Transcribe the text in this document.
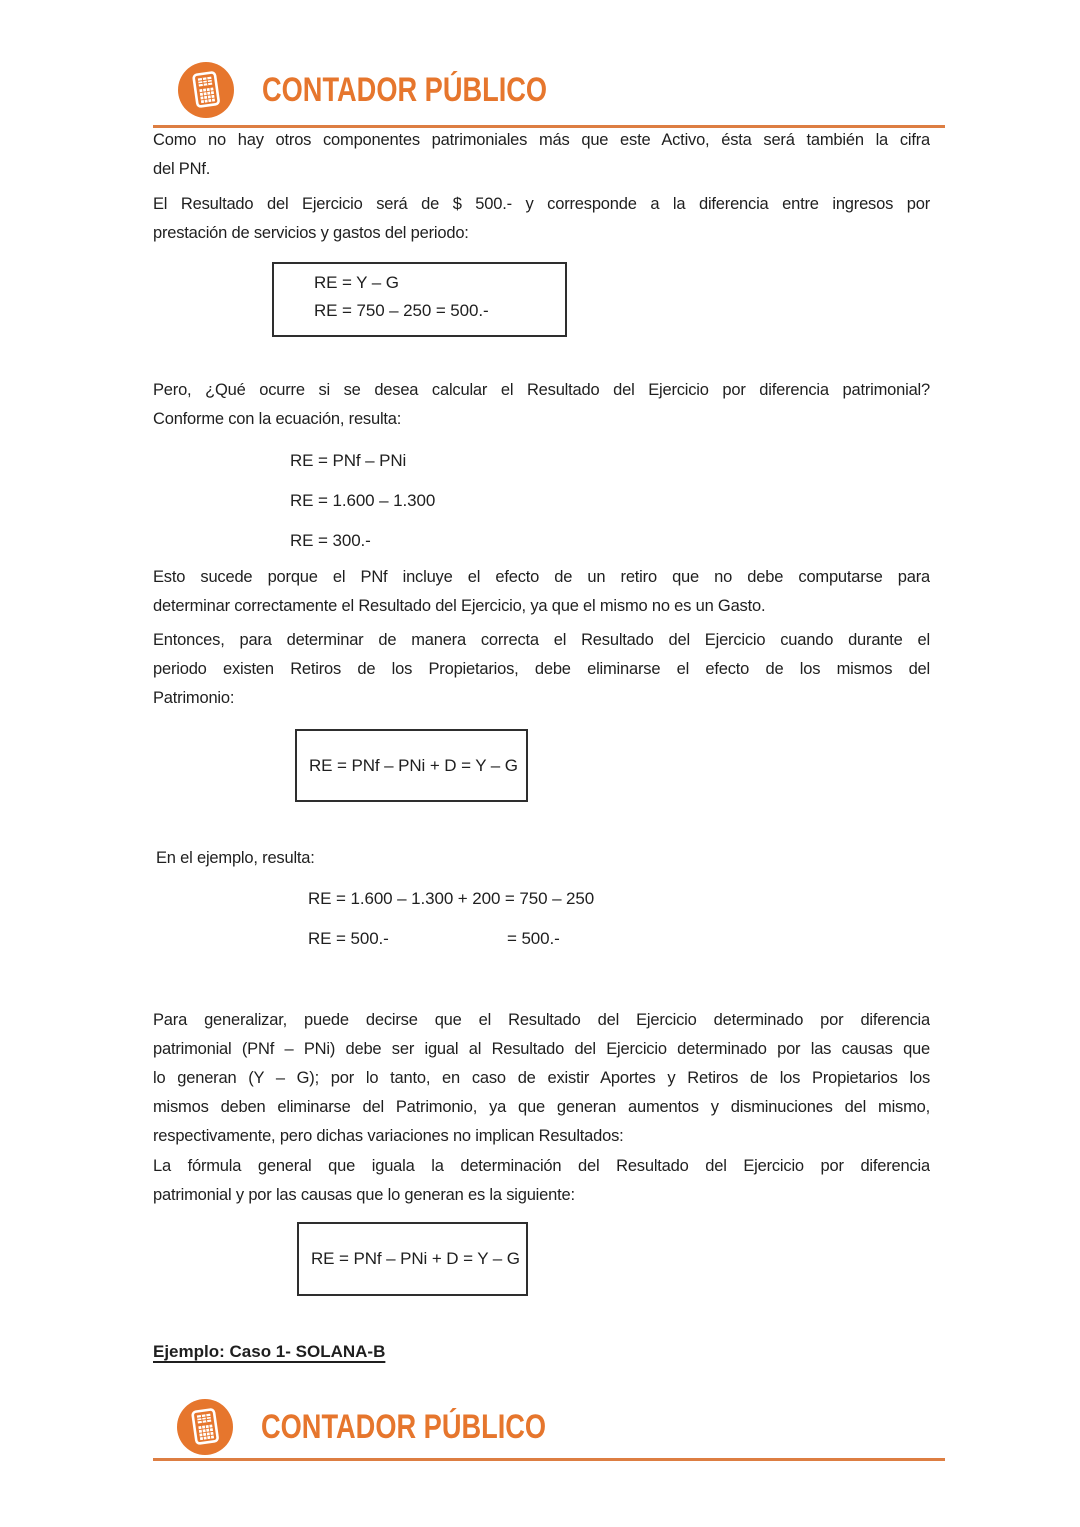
CONTADOR PÚBLICO
Como no hay otros componentes patrimoniales más que este Activo, ésta será también la cifra
del PNf.
El Resultado del Ejercicio será de $ 500.- y corresponde a la diferencia entre ingresos por
prestación de servicios y gastos del periodo:
RE = Y – G
RE = 750 – 250 = 500.-
Pero, ¿Qué ocurre si se desea calcular el Resultado del Ejercicio por diferencia patrimonial?
Conforme con la ecuación, resulta:
RE = PNf – PNi
RE = 1.600 – 1.300
RE = 300.-
Esto sucede porque el PNf incluye el efecto de un retiro que no debe computarse para
determinar correctamente el Resultado del Ejercicio, ya que el mismo no es un Gasto.
Entonces, para determinar de manera correcta el Resultado del Ejercicio cuando durante el
periodo existen Retiros de los Propietarios, debe eliminarse el efecto de los mismos del
Patrimonio:
RE = PNf – PNi + D = Y – G
En el ejemplo, resulta:
RE = 1.600 – 1.300 + 200 = 750 – 250
RE = 500.-	= 500.-
Para generalizar, puede decirse que el Resultado del Ejercicio determinado por diferencia
patrimonial (PNf – PNi) debe ser igual al Resultado del Ejercicio determinado por las causas que
lo generan (Y – G); por lo tanto, en caso de existir Aportes y Retiros de los Propietarios los
mismos deben eliminarse del Patrimonio, ya que generan aumentos y disminuciones del mismo,
respectivamente, pero dichas variaciones no implican Resultados:
La fórmula general que iguala la determinación del Resultado del Ejercicio por diferencia
patrimonial y por las causas que lo generan es la siguiente:
RE = PNf – PNi + D = Y – G
Ejemplo: Caso 1- SOLANA-B
CONTADOR PÚBLICO
